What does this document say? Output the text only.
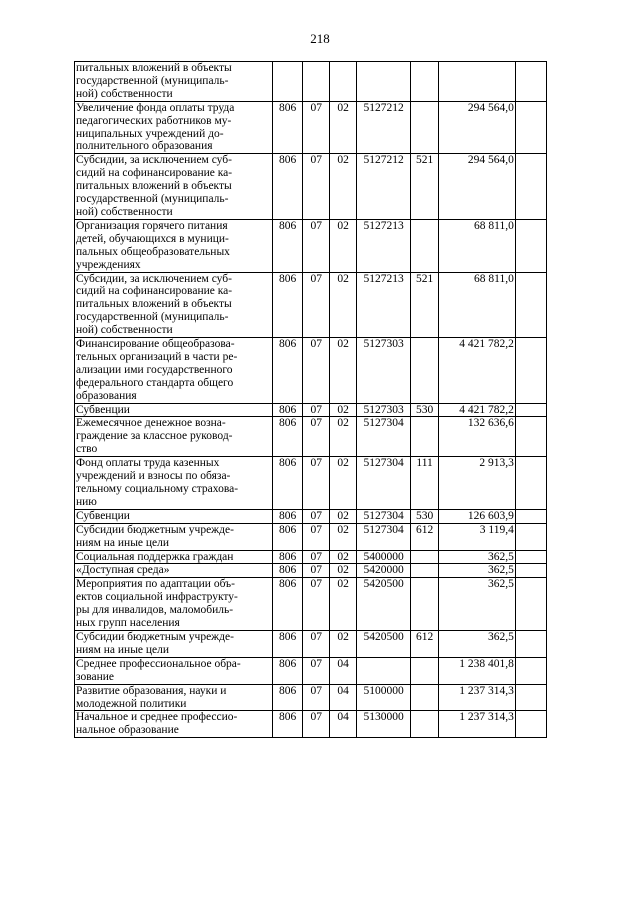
218
питальных вложений в объекты
государственной (муниципаль-
ной) собственности							

Увеличение фонда оплаты труда
педагогических работников му-
ниципальных учреждений до-
полнительного образования	806	07	02	5127212		294 564,0	

Субсидии, за исключением суб-
сидий на софинансирование ка-
питальных вложений в объекты
государственной (муниципаль-
ной) собственности	806	07	02	5127212	521	294 564,0	

Организация горячего питания
детей, обучающихся в муници-
пальных общеобразовательных
учреждениях	806	07	02	5127213		68 811,0	

Субсидии, за исключением суб-
сидий на софинансирование ка-
питальных вложений в объекты
государственной (муниципаль-
ной) собственности	806	07	02	5127213	521	68 811,0	

Финансирование общеобразова-
тельных организаций в части ре-
ализации ими государственного
федерального стандарта общего
образования	806	07	02	5127303		4 421 782,2	

Субвенции	806	07	02	5127303	530	4 421 782,2	

Ежемесячное денежное возна-
граждение за классное руковод-
ство	806	07	02	5127304		132 636,6	

Фонд оплаты труда казенных
учреждений и взносы по обяза-
тельному социальному страхова-
нию	806	07	02	5127304	111	2 913,3	

Субвенции	806	07	02	5127304	530	126 603,9	

Субсидии бюджетным учрежде-
ниям на иные цели	806	07	02	5127304	612	3 119,4	

Социальная поддержка граждан	806	07	02	5400000		362,5	

«Доступная среда»	806	07	02	5420000		362,5	

Мероприятия по адаптации объ-
ектов социальной инфраструкту-
ры для инвалидов, маломобиль-
ных групп населения	806	07	02	5420500		362,5	

Субсидии бюджетным учрежде-
ниям на иные цели	806	07	02	5420500	612	362,5	

Среднее профессиональное обра-
зование	806	07	04			1 238 401,8	

Развитие образования, науки и
молодежной политики	806	07	04	5100000		1 237 314,3	

Начальное и среднее профессио-
нальное образование	806	07	04	5130000		1 237 314,3	
